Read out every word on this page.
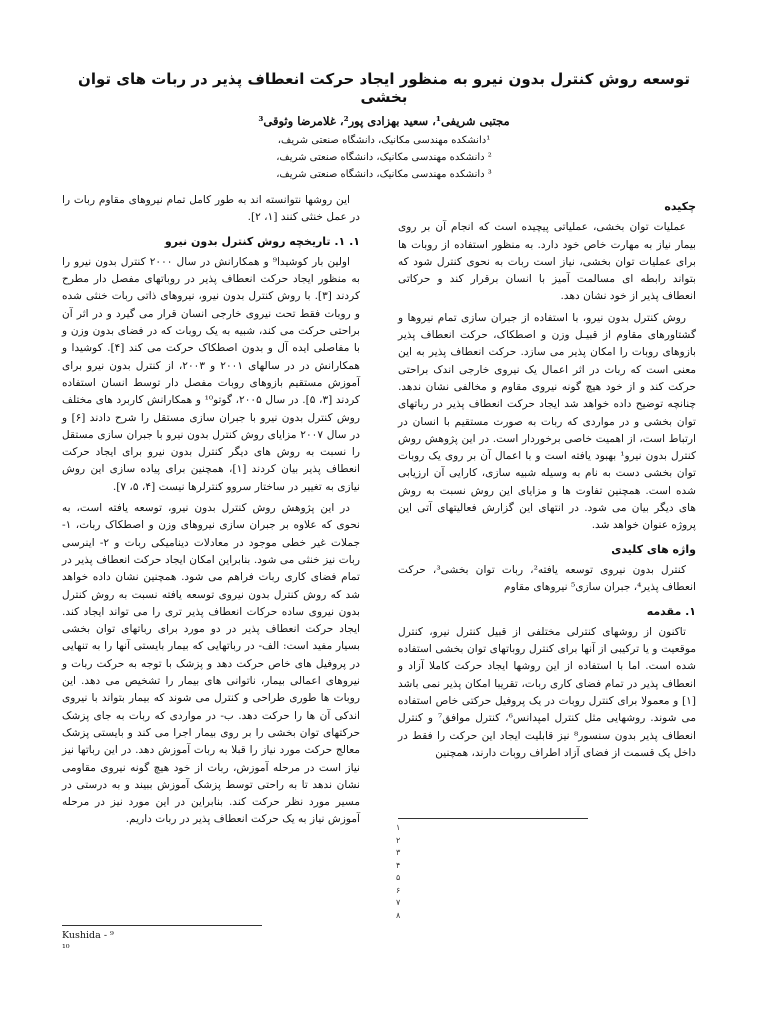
توسعه روش کنترل بدون نیرو به منظور ایجاد حرکت انعطاف پذیر در ربات های توان بخشی
مجتبی شریفی¹، سعید بهزادی پور²، غلامرضا وثوقی³
¹دانشکده مهندسی مکانیک، دانشگاه صنعتی شریف،
² دانشکده مهندسی مکانیک، دانشگاه صنعتی شریف،
³ دانشکده مهندسی مکانیک، دانشگاه صنعتی شریف،
چکیده

عملیات توان بخشی، عملیاتی پیچیده است که انجام آن بر روی بیمار نیاز به مهارت خاص خود دارد. به منظور استفاده از روبات ها برای عملیات توان بخشی، نیاز است ربات به نحوی کنترل شود که بتواند رابطه ای مسالمت آمیز با انسان برقرار کند و حرکاتی انعطاف پذیر از خود نشان دهد.

روش کنترل بدون نیرو، با استفاده از جبران سازی تمام نیروها و گشتاورهای مقاوم از قبیـل وزن و اصطکاک، حرکت انعطاف پذیر بازوهای روبات را امکان پذیر می سازد. حرکت انعطاف پذیر به این معنی است که ربات در اثر اعمال یک نیروی خارجی اندک براحتی حرکت کند و از خود هیچ گونه نیروی مقاوم و مخالفی نشان ندهد. چنانچه توضیح داده خواهد شد ایجاد حرکت انعطاف پذیر در رباتهای توان بخشی و در مواردی که ربات به صورت مستقیم با انسان در ارتباط است، از اهمیت خاصی برخوردار است. در این پژوهش روش کنترل بدون نیرو¹ بهبود یافته است و با اعمال آن بر روی یک روبات توان بخشی دست به نام به وسیله شبیه سازی، کارایی آن ارزیابی شده است. همچنین تفاوت ها و مزایای این روش نسبت به روش های دیگر بیان می شود. در انتهای این گزارش فعالیتهای آتی این پروژه عنوان خواهد شد.

واژه های کلیدی

کنترل بدون نیروی توسعه یافته²، ربات توان بخشی³، حرکت انعطاف پذیر⁴، جبران سازی⁵ نیروهای مقاوم

۱. مقدمه

تاکنون از روشهای کنترلی مختلفی از قبیل کنترل نیرو، کنترل موقعیت و یا ترکیبی از آنها برای کنترل روباتهای توان بخشی استفاده شده است. اما با استفاده از این روشها ایجاد حرکت کاملا آزاد و انعطاف پذیر در تمام فضای کاری ربات، تقریبا امکان پذیر نمی باشد [۱] و معمولا برای کنترل روبات در یک پروفیل حرکتی خاص استفاده می شوند. روشهایی مثل کنترل امپدانس⁶، کنترل موافق⁷ و کنترل انعطاف پذیر بدون سنسور⁸ نیز قابلیت ایجاد این حرکت را فقط در داخل یک قسمت از فضای آزاد اطراف روبات دارند، همچنین

این روشها نتوانسته اند به طور کامل تمام نیروهای مقاوم ربات را در عمل خنثی کنند [۱، ۲].

۱. ۱. تاریخچه روش کنترل بدون نیرو

اولین بار کوشیدا⁹ و همکارانش در سال ۲۰۰۰ کنترل بدون نیرو را به منظور ایجاد حرکت انعطاف پذیر در روباتهای مفصل دار مطرح کردند [۳]. با روش کنترل بدون نیرو، نیروهای ذاتی ربات خنثی شده و روبات فقط تحت نیروی خارجی انسان قرار می گیرد و در اثر آن براحتی حرکت می کند، شبیه به یک روبات که در فضای بدون وزن و با مفاصلی ایده آل و بدون اصطکاک حرکت می کند [۴]. کوشیدا و همکارانش در در سالهای ۲۰۰۱ و ۲۰۰۳، از کنترل بدون نیرو برای آموزش مستقیم بازوهای روبات مفصل دار توسط انسان استفاده کردند [۳، ۵]. در سال ۲۰۰۵، گوتو¹⁰ و همکارانش کاربرد های مختلف روش کنترل بدون نیرو با جبران سازی مستقل را شرح دادند [۶] و در سال ۲۰۰۷ مزایای روش کنترل بدون نیرو با جبران سازی مستقل را نسبت به روش های دیگر کنترل بدون نیرو برای ایجاد حرکت انعطاف پذیر بیان کردند [۱]، همچنین برای پیاده سازی این روش نیازی به تغییر در ساختار سروو کنترلرها نیست [۴، ۵، ۷].

در این پژوهش روش کنترل بدون نیرو، توسعه یافته است، به نحوی که علاوه بر جبران سازی نیروهای وزن و اصطکاک ربات، ۱- جملات غیر خطی موجود در معادلات دینامیکی ربات و ۲- اینرسی ربات نیز خنثی می شود. بنابراین امکان ایجاد حرکت انعطاف پذیر در تمام فضای کاری ربات فراهم می شود. همچنین نشان داده خواهد شد که روش کنترل بدون نیروی توسعه یافته نسبت به روش کنترل بدون نیروی ساده حرکات انعطاف پذیر تری را می تواند ایجاد کند. ایجاد حرکت انعطاف پذیر در دو مورد برای رباتهای توان بخشی بسیار مفید است: الف- در رباتهایی که بیمار بایستی آنها را به تنهایی در پروفیل های خاص حرکت دهد و پزشک با توجه به حرکت ربات و نیروهای اعمالی بیمار، ناتوانی های بیمار را تشخیص می دهد. این روبات ها طوری طراحی و کنترل می شوند که بیمار بتواند با نیروی اندکی آن ها را حرکت دهد. ب- در مواردی که ربات به جای پزشک حرکتهای توان بخشی را بر روی بیمار اجرا می کند و بایستی پزشک معالج حرکت مورد نیاز را قبلا به ربات آموزش دهد. در این رباتها نیز نیاز است در مرحله آموزش، ربات از خود هیچ گونه نیروی مقاومی نشان ندهد تا به راحتی توسط پزشک آموزش ببیند و به درستی در مسیر مورد نظر حرکت کند. بنابراین در این مورد نیز در مرحله آموزش نیاز به یک حرکت انعطاف پذیر در ربات داریم.

۱
۲
۳
۴
۵
۶
۷
۸
⁹ - Kushida
¹⁰
